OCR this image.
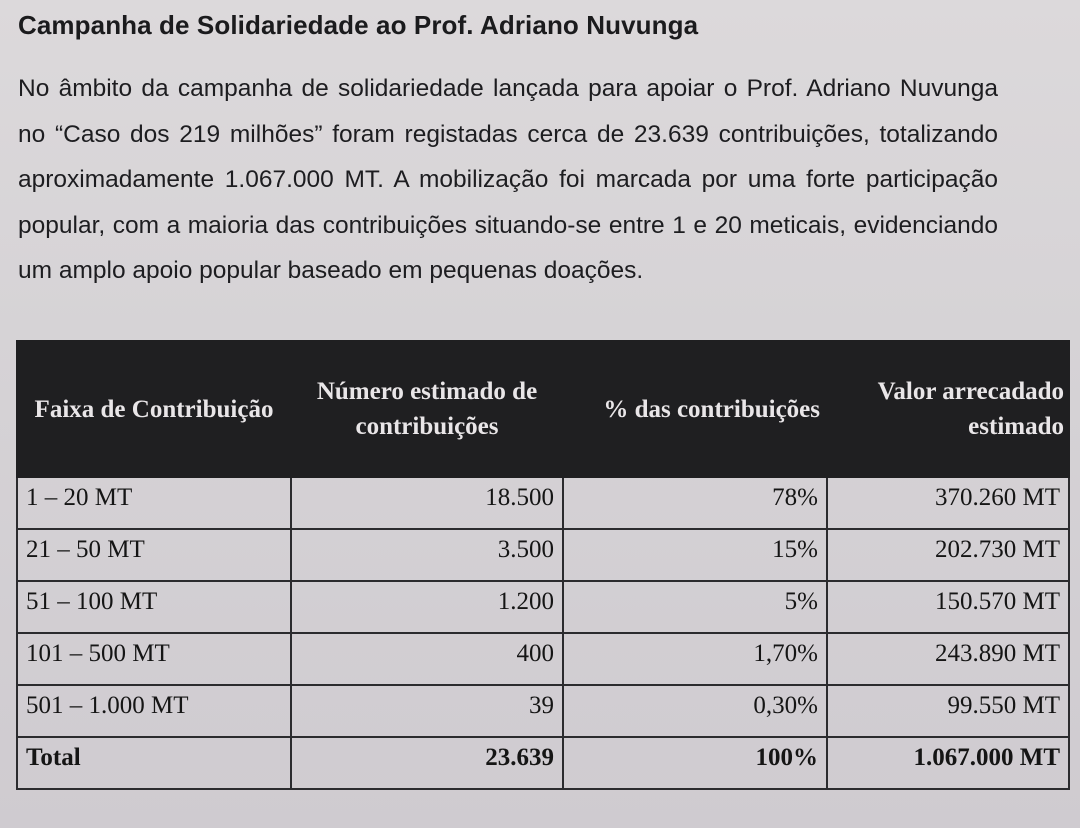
Campanha de Solidariedade ao Prof. Adriano Nuvunga
No âmbito da campanha de solidariedade lançada para apoiar o Prof. Adriano Nuvunga no “Caso dos 219 milhões” foram registadas cerca de 23.639 contribuições, totalizando aproximadamente 1.067.000 MT. A mobilização foi marcada por uma forte participação popular, com a maioria das contribuições situando-se entre 1 e 20 meticais, evidenciando um amplo apoio popular baseado em pequenas doações.
Faixa de Contribuição	Número estimado de contribuições	% das contribuições	Valor arrecadado estimado
1 – 20 MT	18.500	78%	370.260 MT
21 – 50 MT	3.500	15%	202.730 MT
51 – 100 MT	1.200	5%	150.570 MT
101 – 500 MT	400	1,70%	243.890 MT
501 – 1.000 MT	39	0,30%	99.550 MT
Total	23.639	100%	1.067.000 MT
